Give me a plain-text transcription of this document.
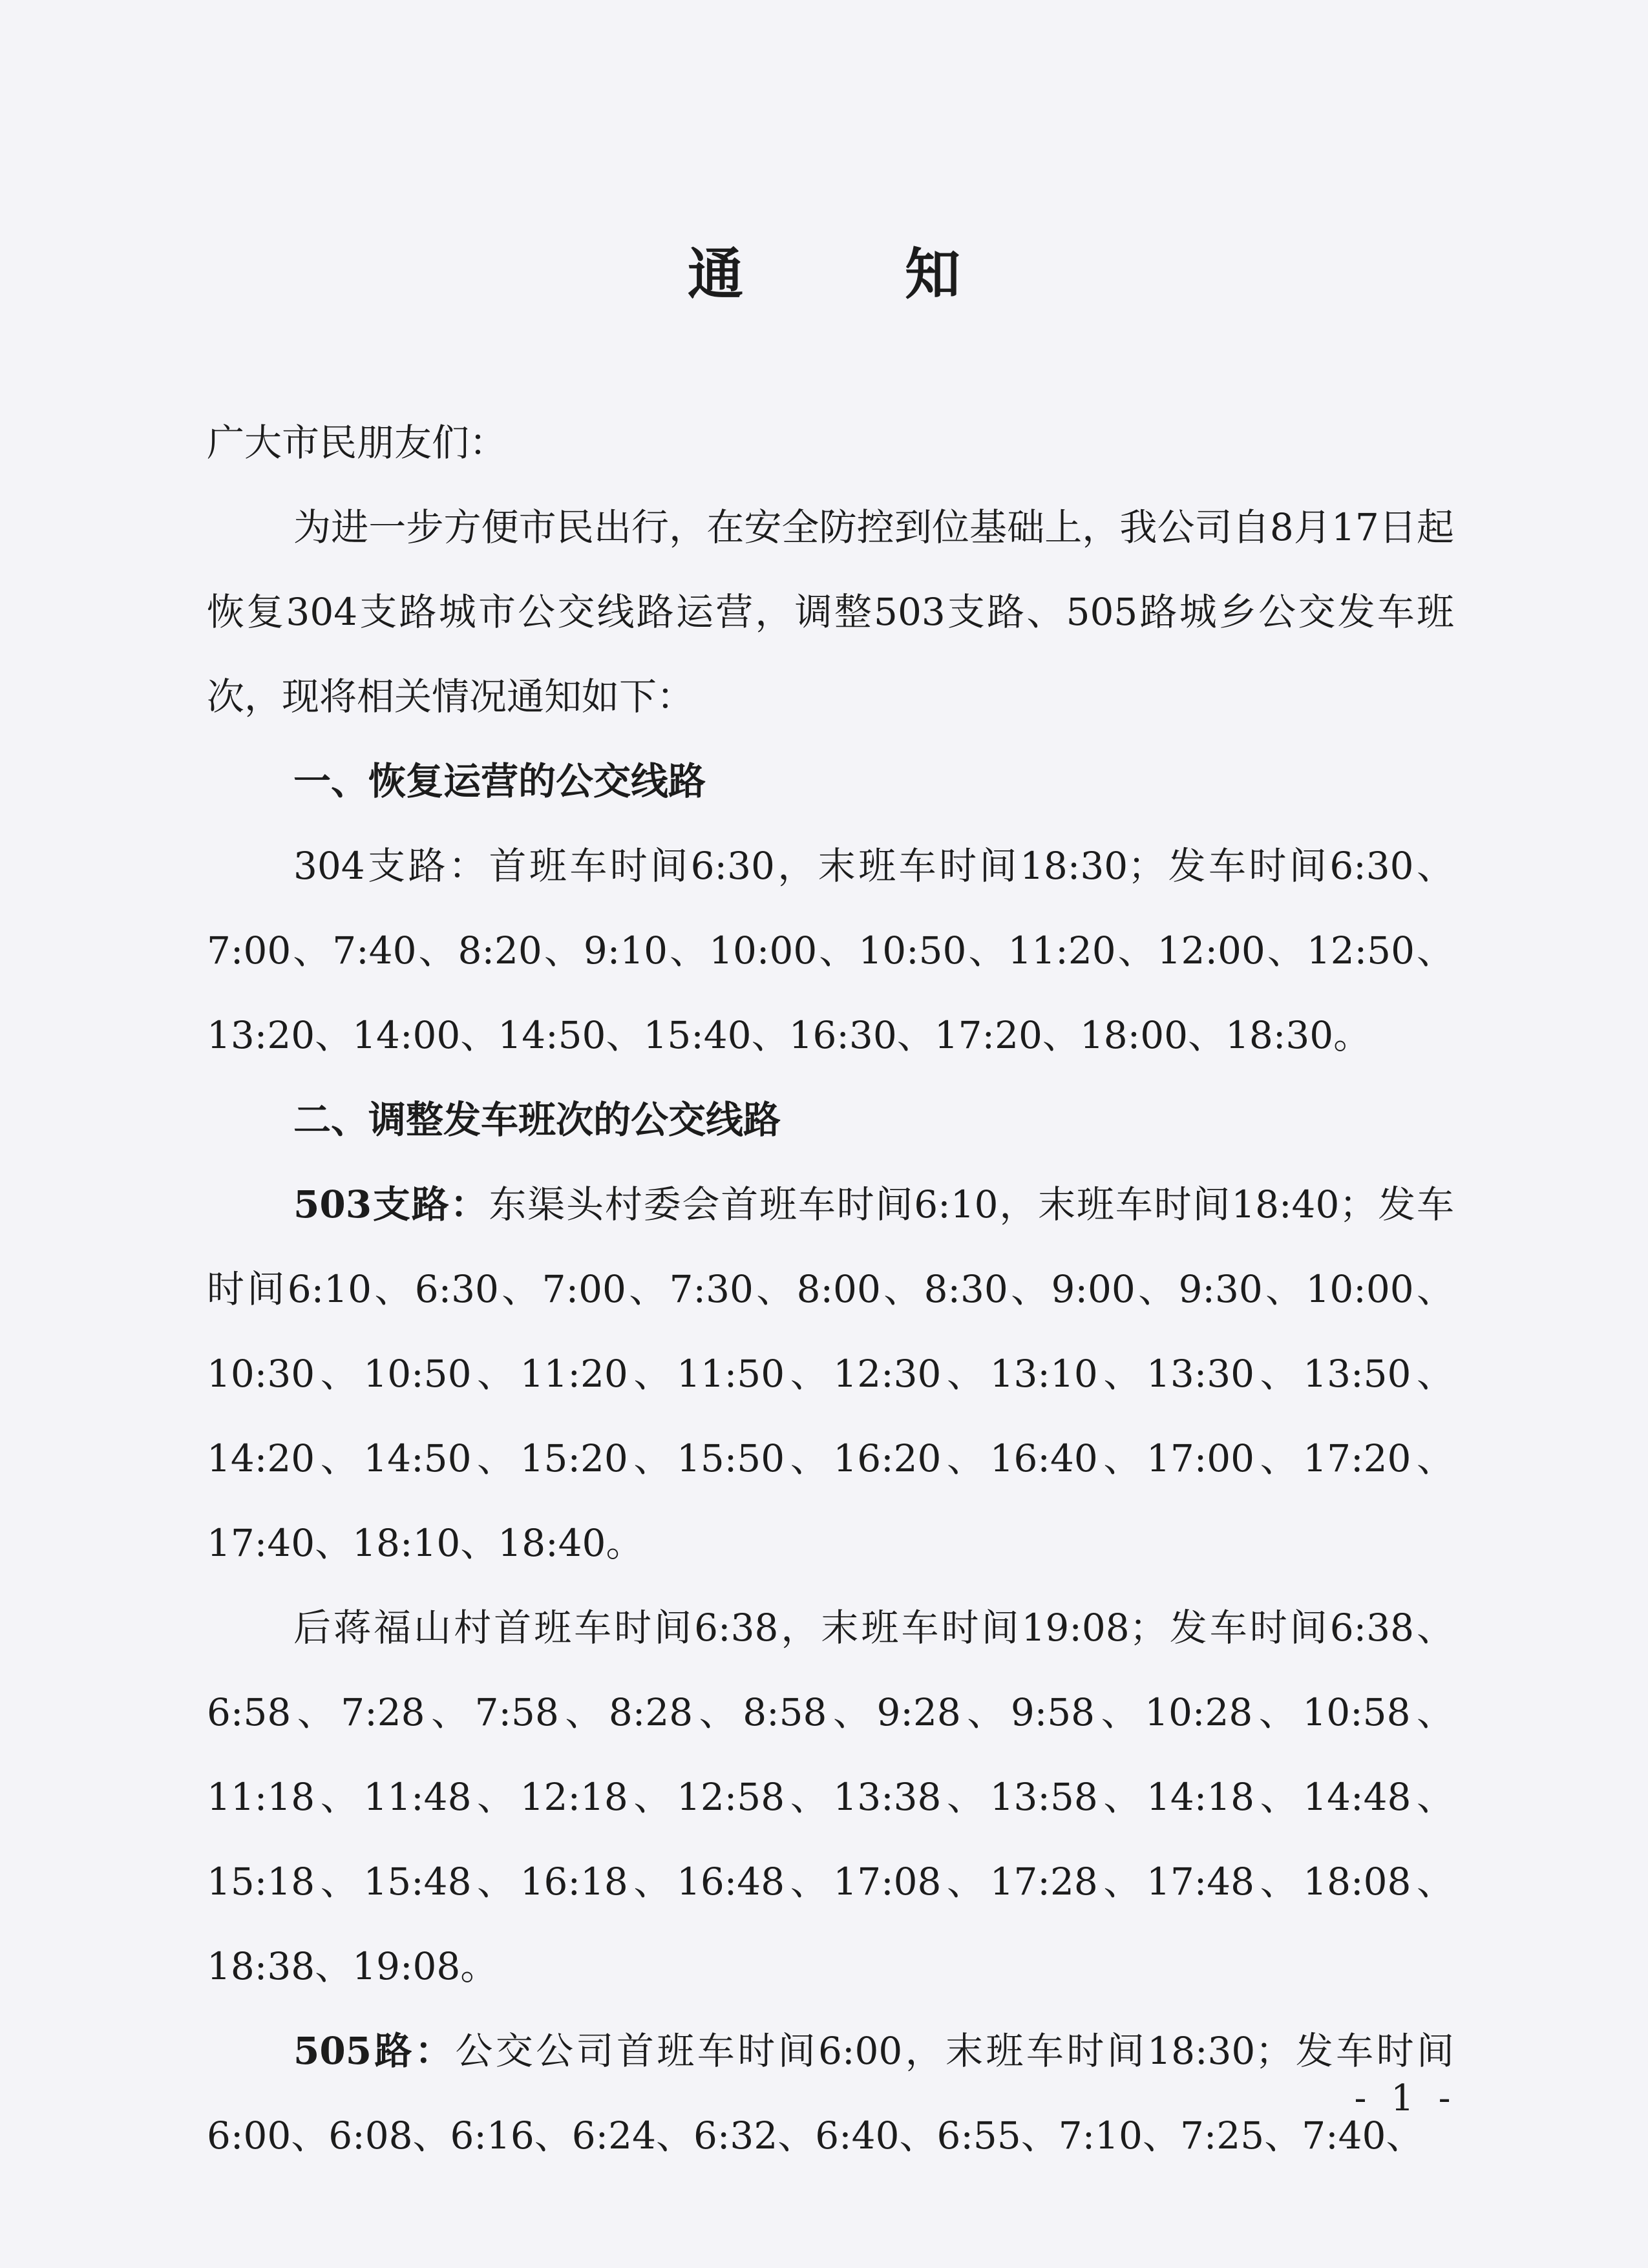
通 知

广大市民朋友们：

为进一步方便市民出行，在安全防控到位基础上，我公司自8月17日起恢复304支路城市公交线路运营，调整503支路、505路城乡公交发车班次，现将相关情况通知如下：

一、恢复运营的公交线路

304支路：首班车时间6:30，末班车时间18:30；发车时间6:30、7:00、7:40、8:20、9:10、10:00、10:50、11:20、12:00、12:50、13:20、14:00、14:50、15:40、16:30、17:20、18:00、18:30。

二、调整发车班次的公交线路

503支路：东渠头村委会首班车时间6:10，末班车时间18:40；发车时间6:10、6:30、7:00、7:30、8:00、8:30、9:00、9:30、10:00、10:30、10:50、11:20、11:50、12:30、13:10、13:30、13:50、14:20、14:50、15:20、15:50、16:20、16:40、17:00、17:20、17:40、18:10、18:40。

后蒋福山村首班车时间6:38，末班车时间19:08；发车时间6:38、6:58、7:28、7:58、8:28、8:58、9:28、9:58、10:28、10:58、11:18、11:48、12:18、12:58、13:38、13:58、14:18、14:48、15:18、15:48、16:18、16:48、17:08、17:28、17:48、18:08、18:38、19:08。

505路：公交公司首班车时间6:00，末班车时间18:30；发车时间6:00、6:08、6:16、6:24、6:32、6:40、6:55、7:10、7:25、7:40、

- 1 -
